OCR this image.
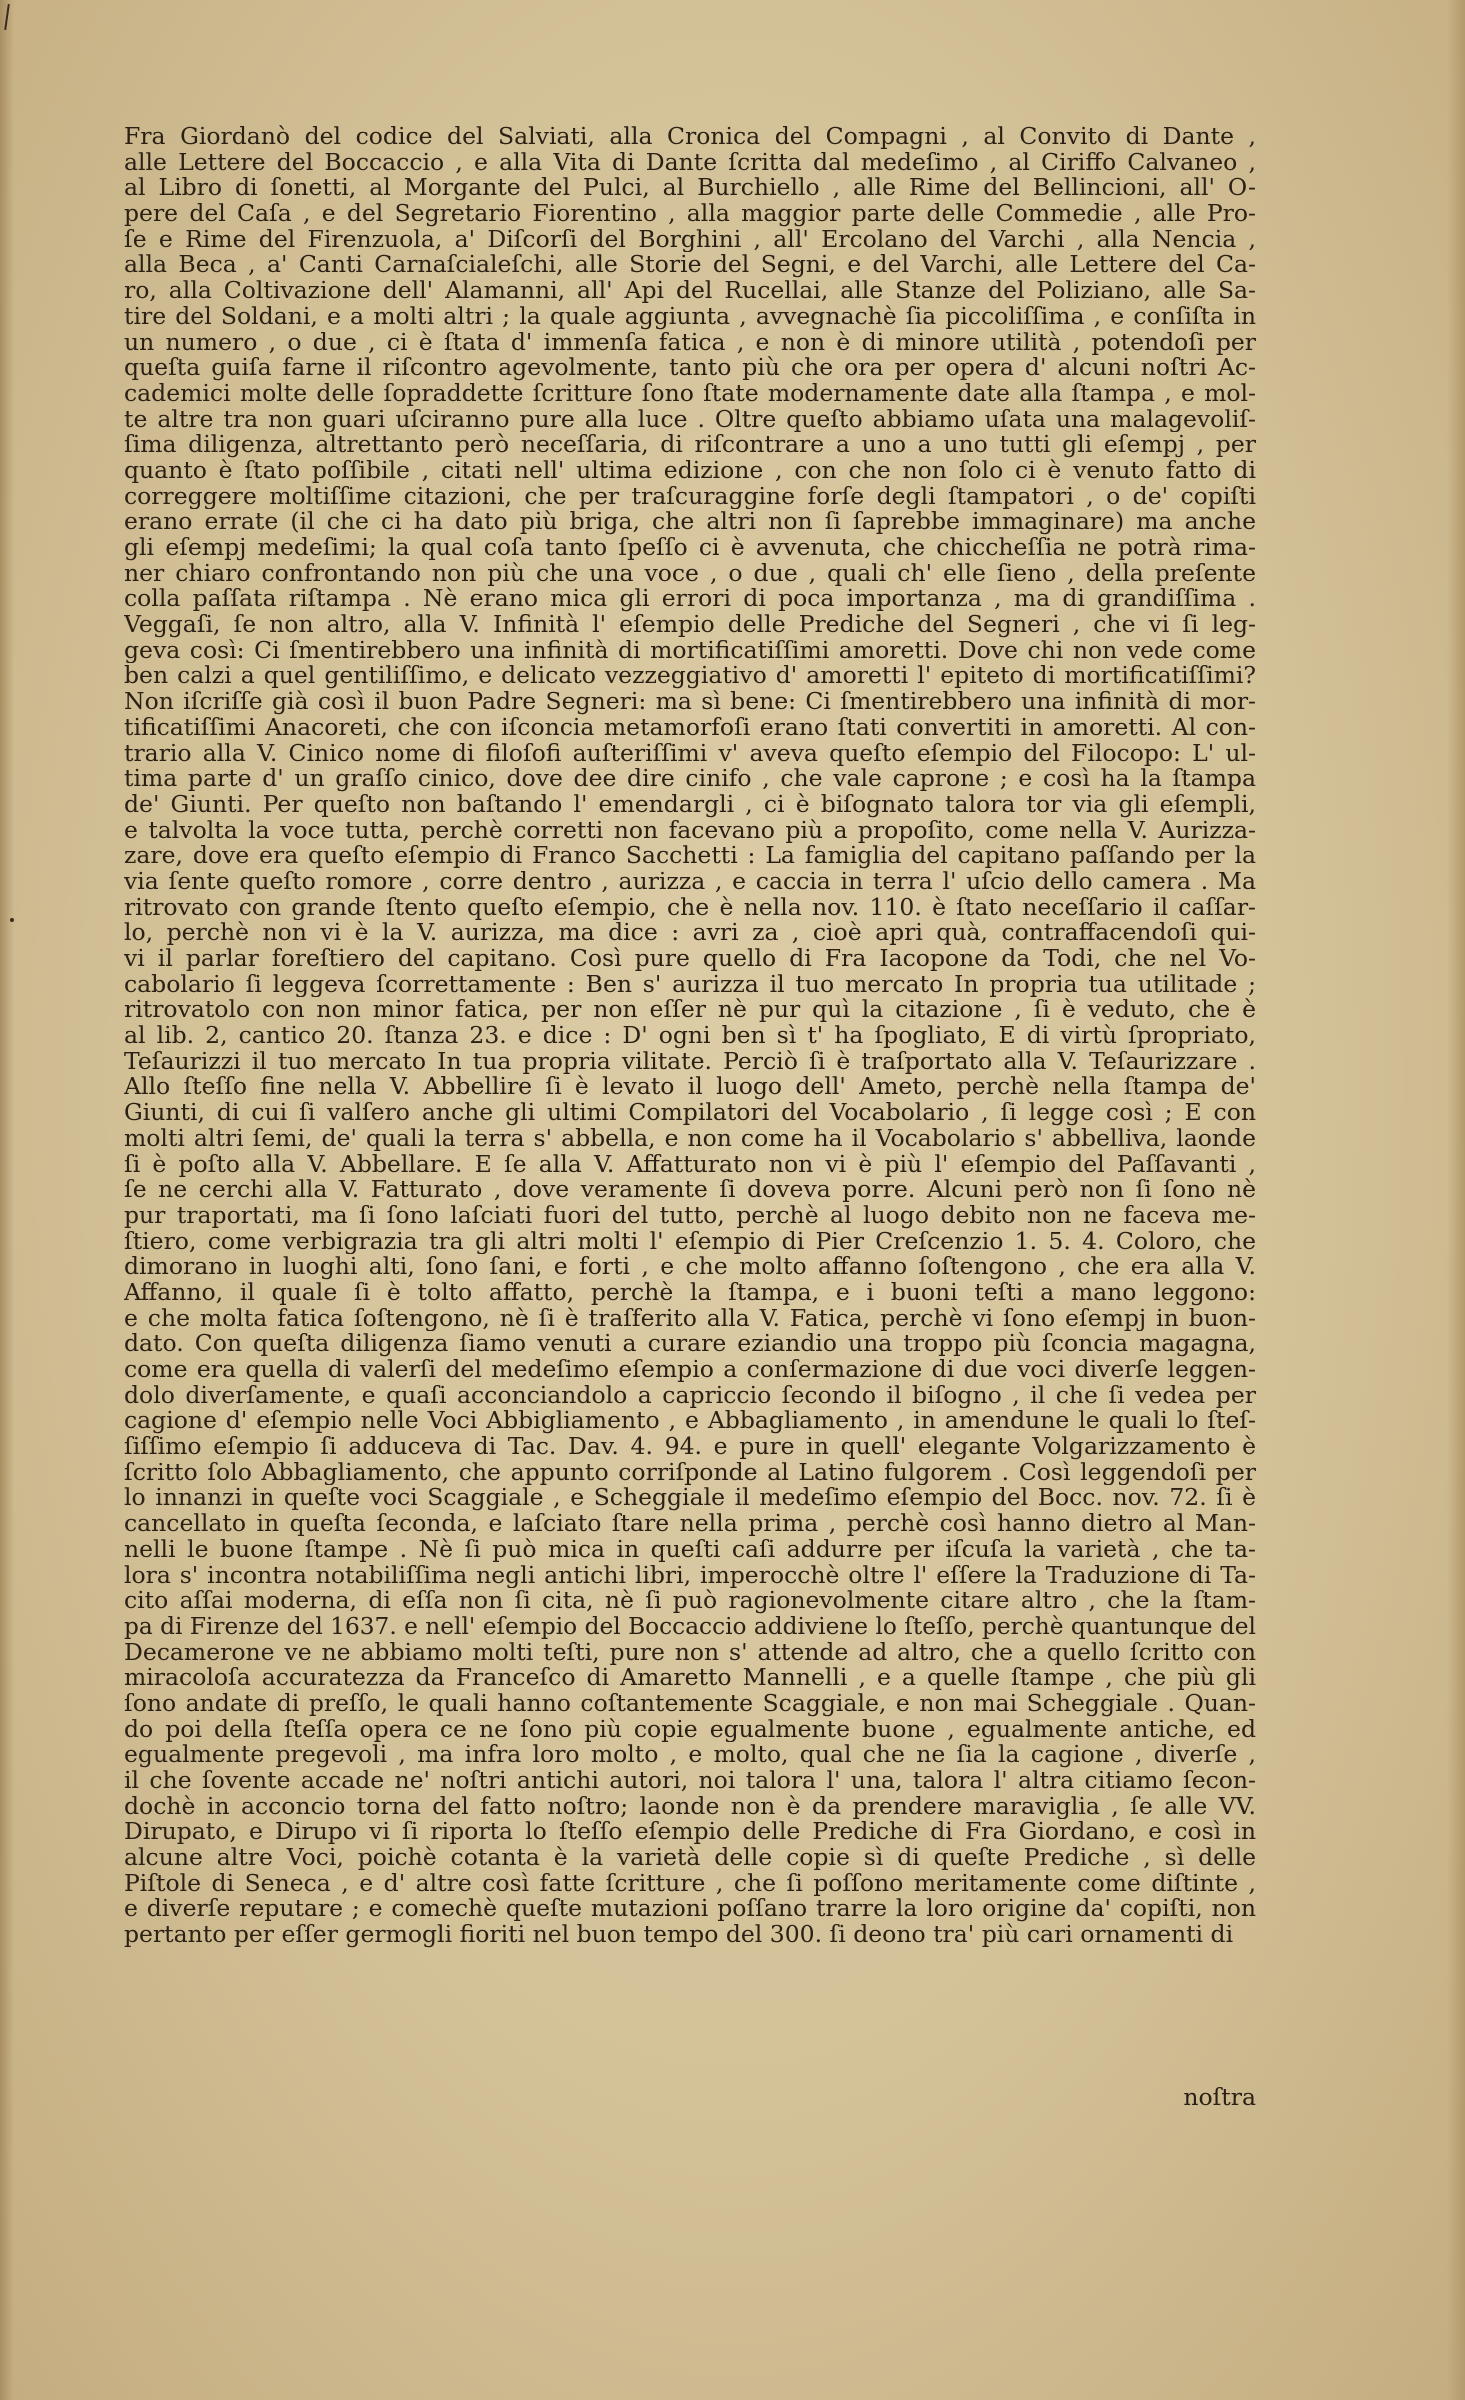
Fra Giordanò del codice del Salviati, alla Cronica del Compagni , al Convito di Dante ,
alle Lettere del Boccaccio , e alla Vita di Dante ſcritta dal medeſimo , al Ciriffo Calvaneo ,
al Libro di ſonetti, al Morgante del Pulci, al Burchiello , alle Rime del Bellincioni, all' O-
pere del Caſa , e del Segretario Fiorentino , alla maggior parte delle Commedie , alle Pro-
ſe e Rime del Firenzuola, a' Diſcorſi del Borghini , all' Ercolano del Varchi , alla Nencia ,
alla Beca , a' Canti Carnaſcialeſchi, alle Storie del Segni, e del Varchi, alle Lettere del Ca-
ro, alla Coltivazione dell' Alamanni, all' Api del Rucellai, alle Stanze del Poliziano, alle Sa-
tire del Soldani, e a molti altri ; la quale aggiunta , avvegnachè ſia piccoliſſima , e conſiſta in
un numero , o due , ci è ſtata d' immenſa fatica , e non è di minore utilità , potendoſi per
queſta guiſa farne il riſcontro agevolmente, tanto più che ora per opera d' alcuni noſtri Ac-
cademici molte delle ſopraddette ſcritture ſono ſtate modernamente date alla ſtampa , e mol-
te altre tra non guari uſciranno pure alla luce . Oltre queſto abbiamo uſata una malagevoliſ-
ſima diligenza, altrettanto però neceſſaria, di riſcontrare a uno a uno tutti gli eſempj , per
quanto è ſtato poſſibile , citati nell' ultima edizione , con che non ſolo ci è venuto fatto di
correggere moltiſſime citazioni, che per traſcuraggine forſe degli ſtampatori , o de' copiſti
erano errate (il che ci ha dato più briga, che altri non ſi ſaprebbe immaginare) ma anche
gli eſempj medeſimi; la qual coſa tanto ſpeſſo ci è avvenuta, che chiccheſſia ne potrà rima-
ner chiaro confrontando non più che una voce , o due , quali ch' elle ſieno , della preſente
colla paſſata riſtampa . Nè erano mica gli errori di poca importanza , ma di grandiſſima .
Veggaſi, ſe non altro, alla V. Infinità l' eſempio delle Prediche del Segneri , che vi ſi leg-
geva così: Ci ſmentirebbero una infinità di mortificatiſſimi amoretti. Dove chi non vede come
ben calzi a quel gentiliſſimo, e delicato vezzeggiativo d' amoretti l' epiteto di mortificatiſſimi?
Non iſcriſſe già così il buon Padre Segneri: ma sì bene: Ci ſmentirebbero una infinità di mor-
tificatiſſimi Anacoreti, che con iſconcia metamorfoſi erano ſtati convertiti in amoretti. Al con-
trario alla V. Cinico nome di filoſofi auſteriſſimi v' aveva queſto eſempio del Filocopo: L' ul-
tima parte d' un graſſo cinico, dove dee dire cinifo , che vale caprone ; e così ha la ſtampa
de' Giunti. Per queſto non baſtando l' emendargli , ci è biſognato talora tor via gli eſempli,
e talvolta la voce tutta, perchè corretti non facevano più a propoſito, come nella V. Aurizza-
zare, dove era queſto eſempio di Franco Sacchetti : La famiglia del capitano paſſando per la
via ſente queſto romore , corre dentro , aurizza , e caccia in terra l' uſcio dello camera . Ma
ritrovato con grande ſtento queſto eſempio, che è nella nov. 110. è ſtato neceſſario il caſſar-
lo, perchè non vi è la V. aurizza, ma dice : avri za , cioè apri quà, contraffacendoſi qui-
vi il parlar foreſtiero del capitano. Così pure quello di Fra Iacopone da Todi, che nel Vo-
cabolario ſi leggeva ſcorrettamente : Ben s' aurizza il tuo mercato In propria tua utilitade ;
ritrovatolo con non minor fatica, per non eſſer nè pur quì la citazione , ſi è veduto, che è
al lib. 2, cantico 20. ſtanza 23. e dice : D' ogni ben sì t' ha ſpogliato, E di virtù ſpropriato,
Teſaurizzi il tuo mercato In tua propria vilitate. Perciò ſi è traſportato alla V. Teſaurizzare .
Allo ſteſſo fine nella V. Abbellire ſi è levato il luogo dell' Ameto, perchè nella ſtampa de'
Giunti, di cui ſi valſero anche gli ultimi Compilatori del Vocabolario , ſi legge così ; E con
molti altri ſemi, de' quali la terra s' abbella, e non come ha il Vocabolario s' abbelliva, laonde
ſi è poſto alla V. Abbellare. E ſe alla V. Affatturato non vi è più l' eſempio del Paſſavanti ,
ſe ne cerchi alla V. Fatturato , dove veramente ſi doveva porre. Alcuni però non ſi ſono nè
pur traportati, ma ſi ſono laſciati fuori del tutto, perchè al luogo debito non ne faceva me-
ſtiero, come verbigrazia tra gli altri molti l' eſempio di Pier Creſcenzio 1. 5. 4. Coloro, che
dimorano in luoghi alti, ſono ſani, e forti , e che molto affanno ſoſtengono , che era alla V.
Affanno, il quale ſi è tolto affatto, perchè la ſtampa, e i buoni teſti a mano leggono:
e che molta fatica ſoſtengono, nè ſi è traſferito alla V. Fatica, perchè vi ſono eſempj in buon-
dato. Con queſta diligenza ſiamo venuti a curare eziandio una troppo più ſconcia magagna,
come era quella di valerſi del medeſimo eſempio a conſermazione di due voci diverſe leggen-
dolo diverſamente, e quaſi acconciandolo a capriccio ſecondo il biſogno , il che ſi vedea per
cagione d' eſempio nelle Voci Abbigliamento , e Abbagliamento , in amendune le quali lo ſteſ-
ſiſſimo eſempio ſi adduceva di Tac. Dav. 4. 94. e pure in quell' elegante Volgarizzamento è
ſcritto ſolo Abbagliamento, che appunto corriſponde al Latino fulgorem . Così leggendoſi per
lo innanzi in queſte voci Scaggiale , e Scheggiale il medeſimo eſempio del Bocc. nov. 72. ſi è
cancellato in queſta ſeconda, e laſciato ſtare nella prima , perchè così hanno dietro al Man-
nelli le buone ſtampe . Nè ſi può mica in queſti caſi addurre per iſcuſa la varietà , che ta-
lora s' incontra notabiliſſima negli antichi libri, imperocchè oltre l' eſſere la Traduzione di Ta-
cito aſſai moderna, di eſſa non ſi cita, nè ſi può ragionevolmente citare altro , che la ſtam-
pa di Firenze del 1637. e nell' eſempio del Boccaccio addiviene lo ſteſſo, perchè quantunque del
Decamerone ve ne abbiamo molti teſti, pure non s' attende ad altro, che a quello ſcritto con
miracoloſa accuratezza da Franceſco di Amaretto Mannelli , e a quelle ſtampe , che più gli
ſono andate di preſſo, le quali hanno coſtantemente Scaggiale, e non mai Scheggiale . Quan-
do poi della ſteſſa opera ce ne ſono più copie egualmente buone , egualmente antiche, ed
egualmente pregevoli , ma infra loro molto , e molto, qual che ne ſia la cagione , diverſe ,
il che ſovente accade ne' noſtri antichi autori, noi talora l' una, talora l' altra citiamo ſecon-
dochè in acconcio torna del fatto noſtro; laonde non è da prendere maraviglia , ſe alle VV.
Dirupato, e Dirupo vi ſi riporta lo ſteſſo eſempio delle Prediche di Fra Giordano, e così in
alcune altre Voci, poichè cotanta è la varietà delle copie sì di queſte Prediche , sì delle
Piſtole di Seneca , e d' altre così fatte ſcritture , che ſi poſſono meritamente come diſtinte ,
e diverſe reputare ; e comechè queſte mutazioni poſſano trarre la loro origine da' copiſti, non
pertanto per eſſer germogli fioriti nel buon tempo del 300. ſi deono tra' più cari ornamenti di
noſtra
